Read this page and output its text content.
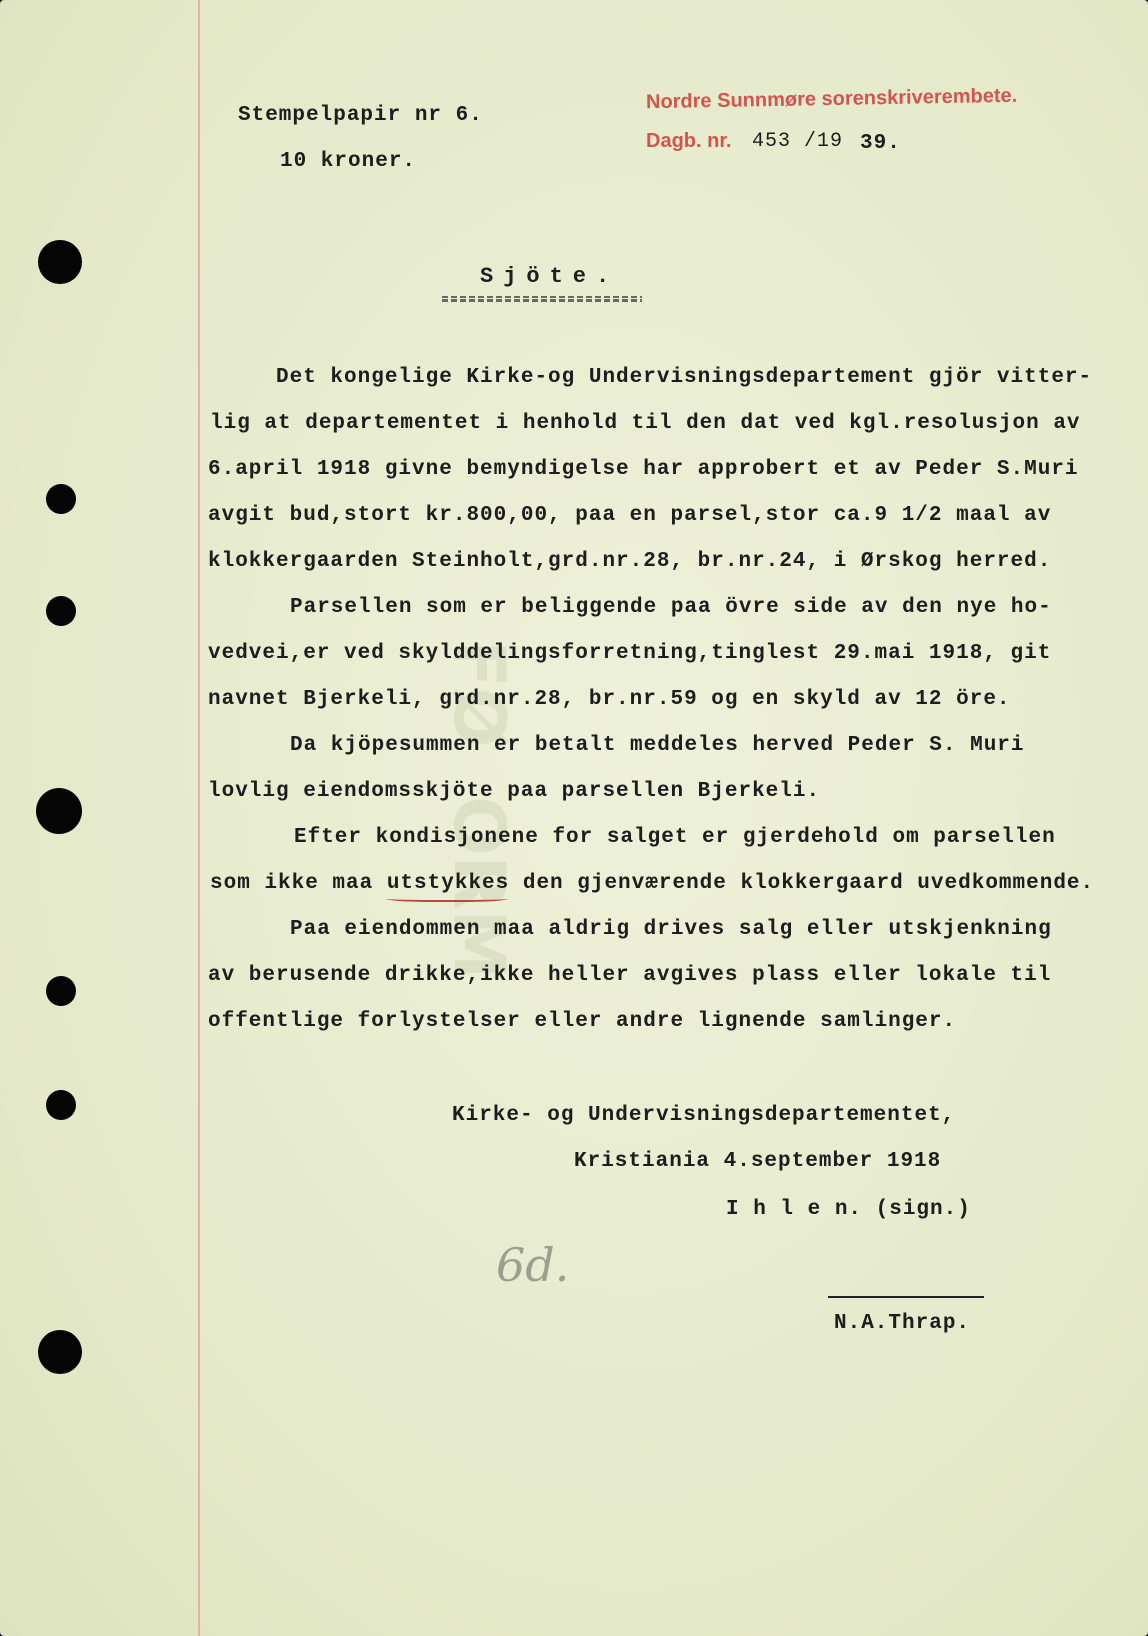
FØ  ORM
Stempelpapir nr 6.
10 kroner.
Nordre Sunnmøre sorenskriverembete.
Dagb. nr. 453 /19 39.
Sjöte.
Det kongelige Kirke-og Undervisningsdepartement gjör vitter-
lig at departementet i henhold til den dat ved kgl.resolusjon av
6.april 1918 givne bemyndigelse har approbert et av Peder S.Muri
avgit bud,stort kr.800,00, paa en parsel,stor ca.9 1/2 maal av
klokkergaarden Steinholt,grd.nr.28, br.nr.24, i Ørskog herred.
Parsellen som er beliggende paa övre side av den nye ho-
vedvei,er ved skylddelingsforretning,tinglest 29.mai 1918, git
navnet Bjerkeli, grd.nr.28, br.nr.59 og en skyld av 12 öre.
Da kjöpesummen er betalt meddeles herved Peder S. Muri
lovlig eiendomsskjöte paa parsellen Bjerkeli.
Efter kondisjonene for salget er gjerdehold om parsellen
som ikke maa utstykkes den gjenværende klokkergaard uvedkommende.
Paa eiendommen maa aldrig drives salg eller utskjenkning
av berusende drikke,ikke heller avgives plass eller lokale til
offentlige forlystelser eller andre lignende samlinger.
Kirke- og Undervisningsdepartementet,
Kristiania 4.september 1918
I h l e n. (sign.)
6d.
N.A.Thrap.
